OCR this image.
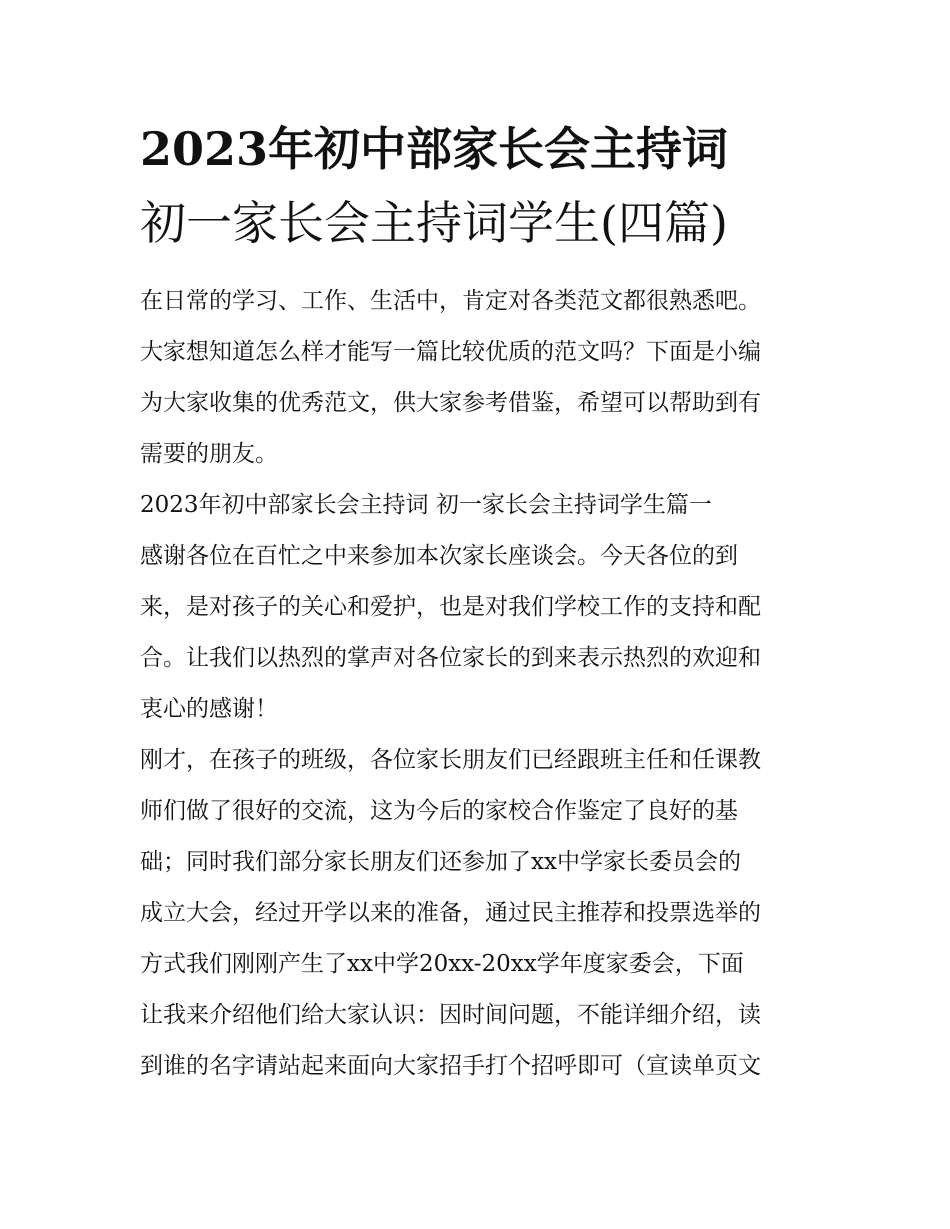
2023年初中部家长会主持词
初一家长会主持词学生(四篇)
在日常的学习、工作、生活中，肯定对各类范文都很熟悉吧。
大家想知道怎么样才能写一篇比较优质的范文吗？下面是小编
为大家收集的优秀范文，供大家参考借鉴，希望可以帮助到有
需要的朋友。
2023年初中部家长会主持词 初一家长会主持词学生篇一
感谢各位在百忙之中来参加本次家长座谈会。今天各位的到
来，是对孩子的关心和爱护，也是对我们学校工作的支持和配
合。让我们以热烈的掌声对各位家长的到来表示热烈的欢迎和
衷心的感谢！
刚才，在孩子的班级，各位家长朋友们已经跟班主任和任课教
师们做了很好的交流，这为今后的家校合作鉴定了良好的基
础；同时我们部分家长朋友们还参加了xx中学家长委员会的
成立大会，经过开学以来的准备，通过民主推荐和投票选举的
方式我们刚刚产生了xx中学20xx-20xx学年度家委会，下面
让我来介绍他们给大家认识：因时间问题，不能详细介绍，读
到谁的名字请站起来面向大家招手打个招呼即可（宣读单页文
